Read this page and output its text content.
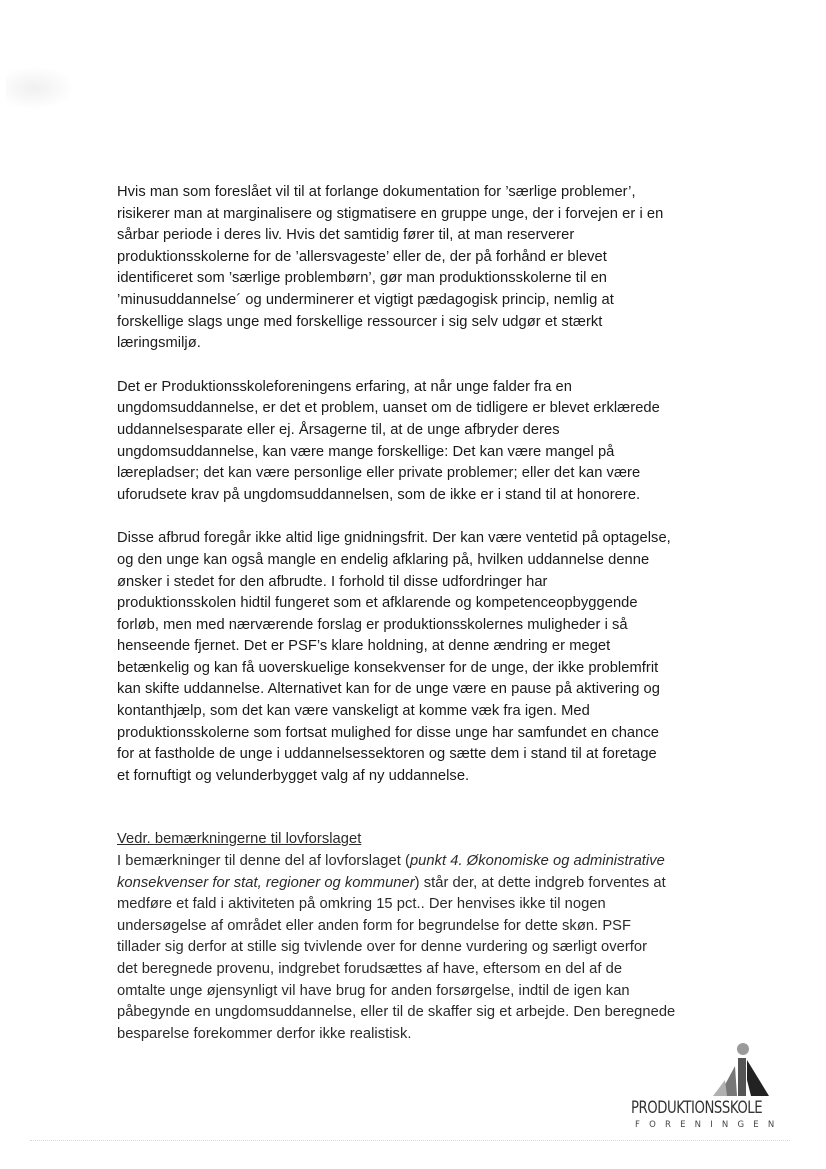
Hvis man som foreslået vil til at forlange dokumentation for ’særlige problemer’,
risikerer man at marginalisere og stigmatisere en gruppe unge, der i forvejen er i en
sårbar periode i deres liv. Hvis det samtidig fører til, at man reserverer
produktionsskolerne for de ’allersvageste’ eller de, der på forhånd er blevet
identificeret som ’særlige problembørn’, gør man produktionsskolerne til en
’minusuddannelse´ og underminerer et vigtigt pædagogisk princip, nemlig at
forskellige slags unge med forskellige ressourcer i sig selv udgør et stærkt
læringsmiljø.

Det er Produktionsskoleforeningens erfaring, at når unge falder fra en
ungdomsuddannelse, er det et problem, uanset om de tidligere er blevet erklærede
uddannelsesparate eller ej. Årsagerne til, at de unge afbryder deres
ungdomsuddannelse, kan være mange forskellige: Det kan være mangel på
lærepladser; det kan være personlige eller private problemer; eller det kan være
uforudsete krav på ungdomsuddannelsen, som de ikke er i stand til at honorere.

Disse afbrud foregår ikke altid lige gnidningsfrit. Der kan være ventetid på optagelse,
og den unge kan også mangle en endelig afklaring på, hvilken uddannelse denne
ønsker i stedet for den afbrudte. I forhold til disse udfordringer har
produktionsskolen hidtil fungeret som et afklarende og kompetenceopbyggende
forløb, men med nærværende forslag er produktionsskolernes muligheder i så
henseende fjernet. Det er PSF’s klare holdning, at denne ændring er meget
betænkelig og kan få uoverskuelige konsekvenser for de unge, der ikke problemfrit
kan skifte uddannelse. Alternativet kan for de unge være en pause på aktivering og
kontanthjælp, som det kan være vanskeligt at komme væk fra igen. Med
produktionsskolerne som fortsat mulighed for disse unge har samfundet en chance
for at fastholde de unge i uddannelsessektoren og sætte dem i stand til at foretage
et fornuftigt og velunderbygget valg af ny uddannelse.

Vedr. bemærkningerne til lovforslaget
I bemærkninger til denne del af lovforslaget (punkt 4. Økonomiske og administrative
konsekvenser for stat, regioner og kommuner) står der, at dette indgreb forventes at
medføre et fald i aktiviteten på omkring 15 pct.. Der henvises ikke til nogen
undersøgelse af området eller anden form for begrundelse for dette skøn. PSF
tillader sig derfor at stille sig tvivlende over for denne vurdering og særligt overfor
det beregnede provenu, indgrebet forudsættes af have, eftersom en del af de
omtalte unge øjensynligt vil have brug for anden forsørgelse, indtil de igen kan
påbegynde en ungdomsuddannelse, eller til de skaffer sig et arbejde. Den beregnede
besparelse forekommer derfor ikke realistisk.
PRODUKTIONSSKOLE
FORENINGEN
